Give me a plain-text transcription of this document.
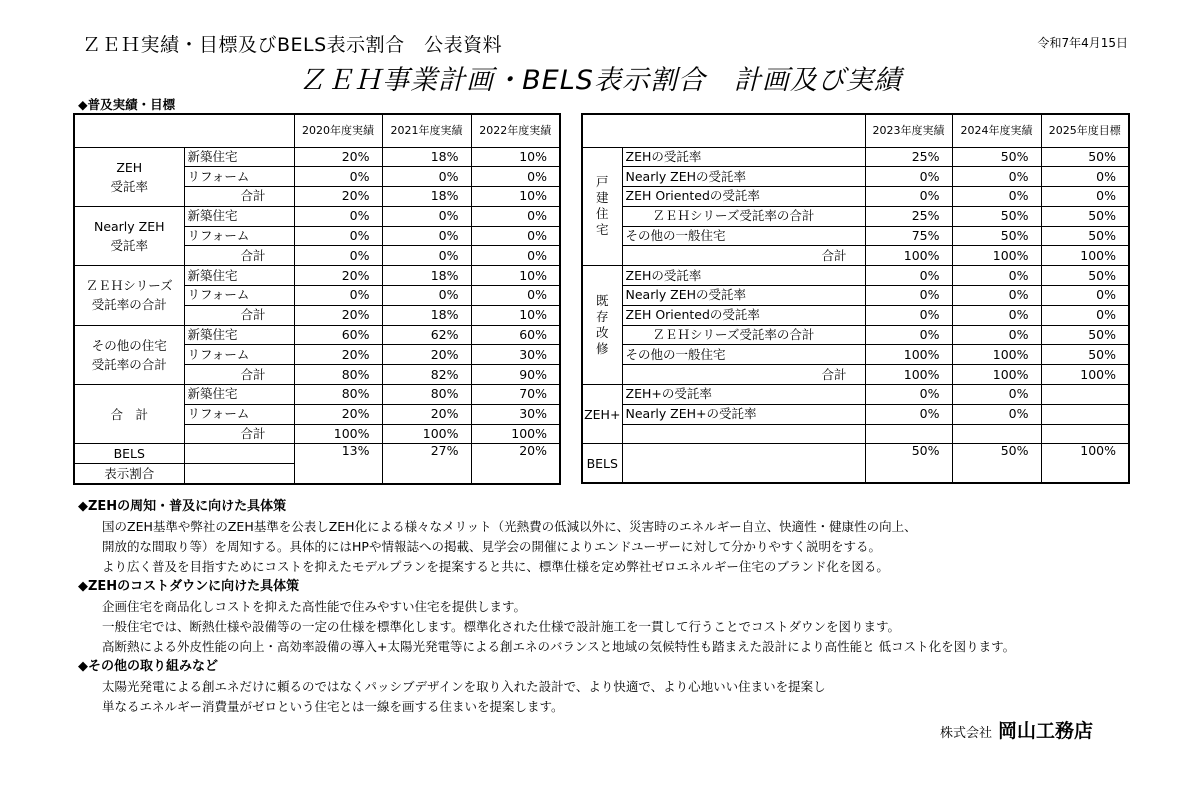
ＺＥＨ実績・目標及びBELS表示割合　公表資料	令和7年4月15日
ＺＥＨ事業計画・BELS表示割合　計画及び実績
◆普及実績・目標
		2020年度実績	2021年度実績	2022年度実績

ZEH
受託率	新築住宅	20%	18%	10%
	リフォーム	0%	0%	0%
	合計	20%	18%	10%

Nearly ZEH
受託率	新築住宅	0%	0%	0%
	リフォーム	0%	0%	0%
	合計	0%	0%	0%

ＺＥＨシリーズ
受託率の合計	新築住宅	20%	18%	10%
	リフォーム	0%	0%	0%
	合計	20%	18%	10%

その他の住宅
受託率の合計	新築住宅	60%	62%	60%
	リフォーム	20%	20%	30%
	合計	80%	82%	90%

合　計	新築住宅	80%	80%	70%
	リフォーム	20%	20%	30%
	合計	100%	100%	100%
BELS		13%	27%	20%
表示割合				
		2023年度実績	2024年度実績	2025年度目標
戸建住宅	ZEHの受託率	25%	50%	50%
	Nearly ZEHの受託率	0%	0%	0%
	ZEH Orientedの受託率	0%	0%	0%
	ＺＥＨシリーズ受託率の合計	25%	50%	50%
	その他の一般住宅	75%	50%	50%
	合計	100%	100%	100%
既存改修	ZEHの受託率	0%	0%	50%
	Nearly ZEHの受託率	0%	0%	0%
	ZEH Orientedの受託率	0%	0%	0%
	ＺＥＨシリーズ受託率の合計	0%	0%	50%
	その他の一般住宅	100%	100%	50%
	合計	100%	100%	100%
ZEH+	ZEH+の受託率	0%	0%	
	Nearly ZEH+の受託率	0%	0%	

BELS		50%	50%	100%
◆ZEHの周知・普及に向けた具体策
国のZEH基準や弊社のZEH基準を公表しZEH化による様々なメリット（光熱費の低減以外に、災害時のエネルギー自立、快適性・健康性の向上、
開放的な間取り等）を周知する。具体的にはHPや情報誌への掲載、見学会の開催によりエンドユーザーに対して分かりやすく説明をする。
より広く普及を目指すためにコストを抑えたモデルプランを提案すると共に、標準仕様を定め弊社ゼロエネルギー住宅のブランド化を図る。
◆ZEHのコストダウンに向けた具体策
企画住宅を商品化しコストを抑えた高性能で住みやすい住宅を提供します。
一般住宅では、断熱仕様や設備等の一定の仕様を標準化します。標準化された仕様で設計施工を一貫して行うことでコストダウンを図ります。
高断熱による外皮性能の向上・高効率設備の導入+太陽光発電等による創エネのバランスと地域の気候特性も踏まえた設計により高性能と 低コスト化を図ります。
◆その他の取り組みなど
太陽光発電による創エネだけに頼るのではなくパッシブデザインを取り入れた設計で、より快適で、より心地いい住まいを提案し
単なるエネルギー消費量がゼロという住宅とは一線を画する住まいを提案します。
株式会社 岡山工務店
